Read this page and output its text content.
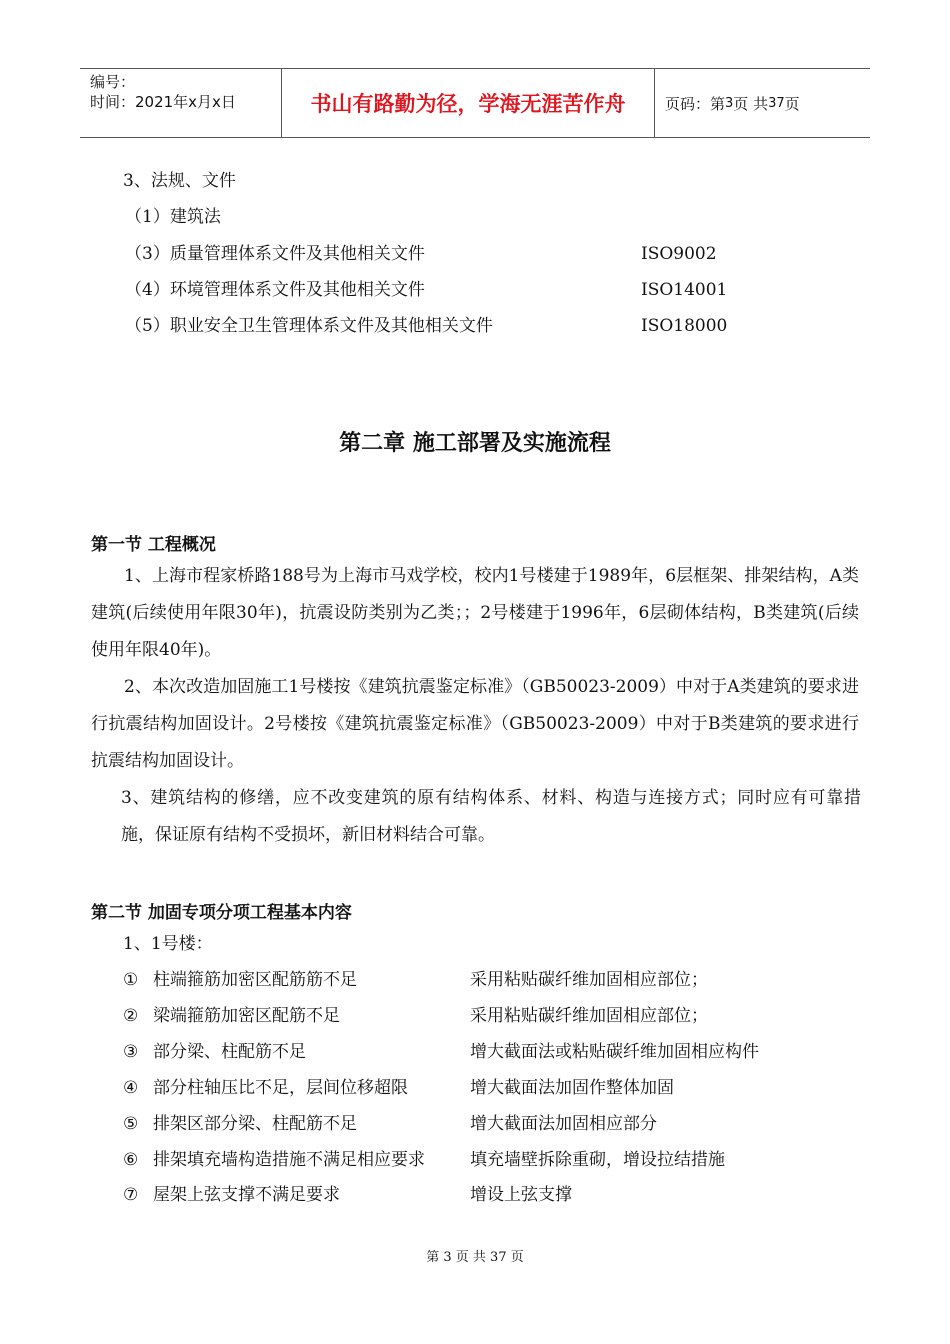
编号：
时间：2021年x月x日	书山有路勤为径，学海无涯苦作舟	页码：第 3 页 共 37 页
3、法规、文件
（1）建筑法
（3）质量管理体系文件及其他相关文件	ISO9002
（4）环境管理体系文件及其他相关文件	ISO14001
（5）职业安全卫生管理体系文件及其他相关文件	ISO18000
第二章 施工部署及实施流程
第一节 工程概况
1、上海市程家桥路188号为上海市马戏学校，校内1号楼建于1989年，6层框架、排架结构，A类建筑(后续使用年限30年)，抗震设防类别为乙类；；2号楼建于1996年，6层砌体结构，B类建筑(后续使用年限40年)。
2、本次改造加固施工1号楼按《建筑抗震鉴定标准》（GB50023-2009）中对于A类建筑的要求进行抗震结构加固设计。2号楼按《建筑抗震鉴定标准》（GB50023-2009）中对于B类建筑的要求进行抗震结构加固设计。
3、建筑结构的修缮，应不改变建筑的原有结构体系、材料、构造与连接方式；同时应有可靠措施，保证原有结构不受损坏，新旧材料结合可靠。
第二节 加固专项分项工程基本内容
1、1号楼：
① 柱端箍筋加密区配筋筋不足	采用粘贴碳纤维加固相应部位；
② 梁端箍筋加密区配筋不足	采用粘贴碳纤维加固相应部位；
③ 部分梁、柱配筋不足	增大截面法或粘贴碳纤维加固相应构件
④ 部分柱轴压比不足，层间位移超限	增大截面法加固作整体加固
⑤ 排架区部分梁、柱配筋不足	增大截面法加固相应部分
⑥ 排架填充墙构造措施不满足相应要求	填充墙壁拆除重砌，增设拉结措施
⑦ 屋架上弦支撑不满足要求	增设上弦支撑
第 3 页 共 37 页
